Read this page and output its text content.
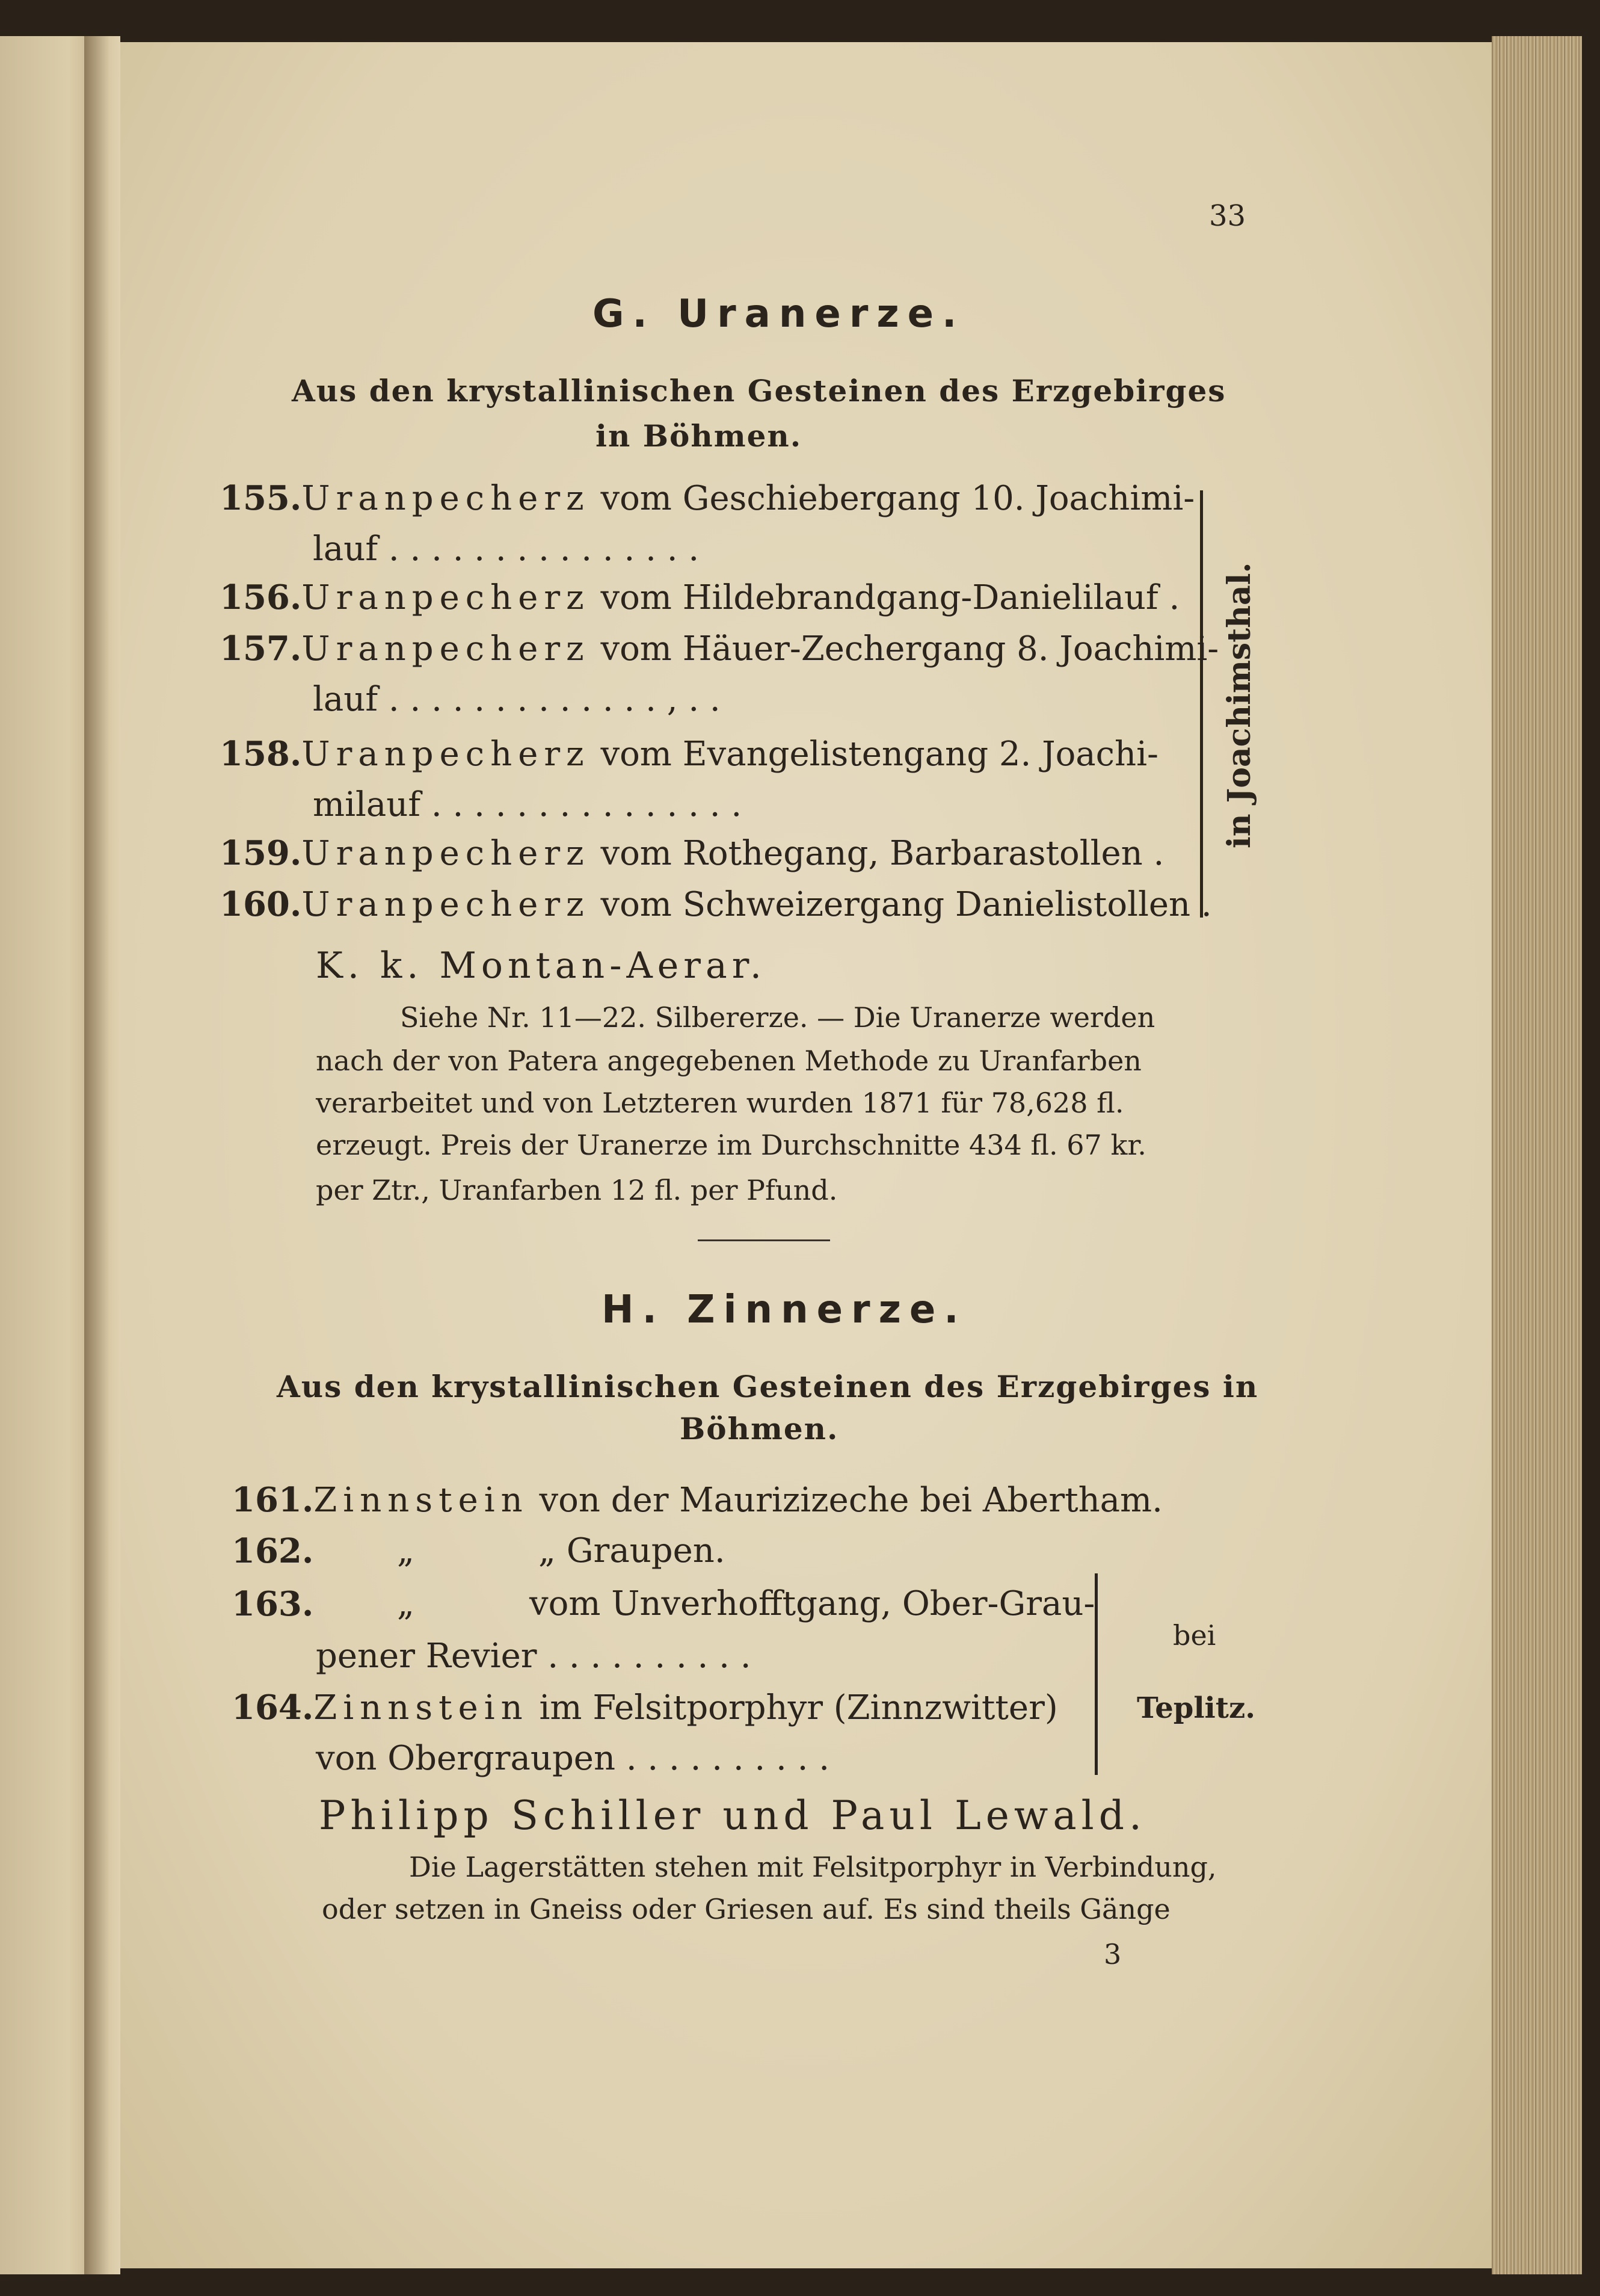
33
G. Uranerze.
Aus den krystallinischen Gesteinen des Erzgebirges
in Böhmen.
155.Uranpecherz vom Geschiebergang 10. Joachimi-
lauf . . . . . . . . . . . . . . .
156.Uranpecherz vom Hildebrandgang-Danielilauf .
157.Uranpecherz vom Häuer-Zechergang 8. Joachimi-
lauf . . . . . . . . . . . . . , . .
158.Uranpecherz vom Evangelistengang 2. Joachi-
milauf . . . . . . . . . . . . . . .
159.Uranpecherz vom Rothegang, Barbarastollen .
160.Uranpecherz vom Schweizergang Danielistollen .
in Joachimsthal.
K. k. Montan-Aerar.
Siehe Nr. 11—22. Silbererze. — Die Uranerze werden
nach der von Patera angegebenen Methode zu Uranfarben
verarbeitet und von Letzteren wurden 1871 für 78,628 fl.
erzeugt. Preis der Uranerze im Durchschnitte 434 fl. 67 kr.
per Ztr., Uranfarben 12 fl. per Pfund.
H. Zinnerze.
Aus den krystallinischen Gesteinen des Erzgebirges in
Böhmen.
161.Zinnstein von der Maurizizeche bei Abertham.
162. „	„ Graupen.
163. „	vom Unverhofftgang, Ober-Grau-
pener Revier . . . . . . . . . .
164.Zinnstein im Felsitporphyr (Zinnzwitter)
von Obergraupen . . . . . . . . . .
bei
Teplitz.
Philipp Schiller und Paul Lewald.
Die Lagerstätten stehen mit Felsitporphyr in Verbindung,
oder setzen in Gneiss oder Griesen auf. Es sind theils Gänge
3
